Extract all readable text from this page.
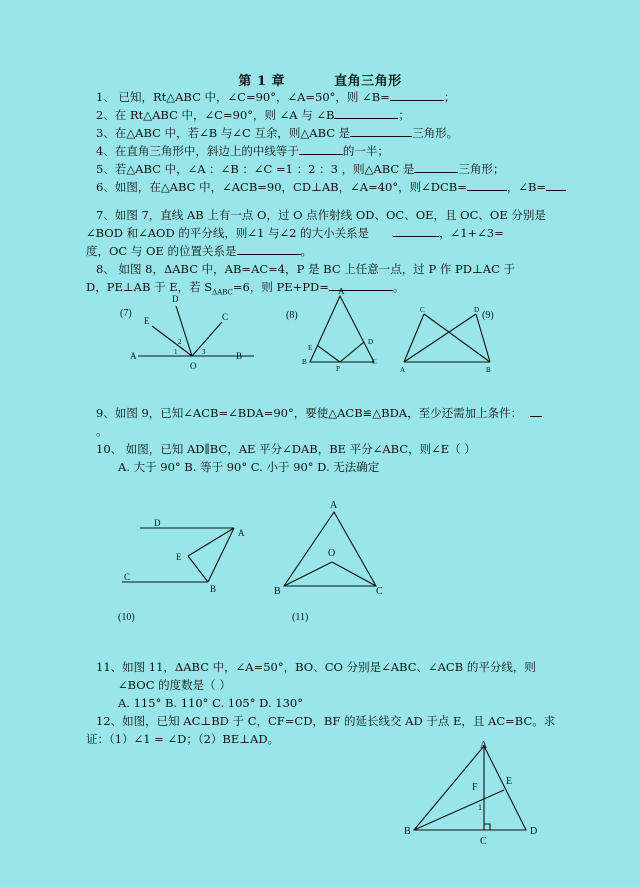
第 1 章	直角三角形
1、 已知，Rt△ABC 中，∠C=90°，∠A=50°，则 ∠B=	；
2、在 Rt△ABC 中，∠C=90°，则 ∠A 与 ∠B	；
3、在△ABC 中，若∠B 与∠C 互余，则△ABC 是	三角形。
4、在直角三角形中，斜边上的中线等于	的一半；
5、若△ABC 中，∠A ：∠B ：∠C =1 ：2 ：3 ，则△ABC 是	三角形；
6、如图，在△ABC 中，∠ACB=90，CD⊥AB，∠A=40°，则∠DCB=	，∠B=
7、如图 7，直线 AB 上有一点 O，过 O 点作射线 OD、OC、OE，且 OC、OE 分别是
∠BOD 和∠AOD 的平分线，则∠1 与∠2 的大小关系是	，∠1+∠3=
度，OC 与 OE 的位置关系是	。
8、 如图 8，ΔABC 中，AB=AC=4，P 是 BC 上任意一点，过 P 作 PD⊥AC 于
D，PE⊥AB 于 E，若 $S_{\Delta ABC}=6$，则 PE+PD=	。
(7)
D
E	C
A	B
O
1
2
3
(8)
A
E
D
B
P
C
(9)
C	D
A	B
9、如图 9，已知∠ACB=∠BDA=90°，要使△ACB≌△BDA，至少还需加上条件：
。
10、 如图，已知 AD∥BC，AE 平分∠DAB，BE 平分∠ABC，则∠E（ ）
A. 大于 90° B. 等于 90° C. 小于 90° D. 无法确定
D
A
E
C
B
(10)
A
O
B	C
(11)
11、如图 11，ΔABC 中，∠A=50°，BO、CO 分别是∠ABC、∠ACB 的平分线，则
∠BOC 的度数是（ ）
A. 115° B. 110° C. 105° D. 130°
12、如图，已知 AC⊥BD 于 C，CF=CD，BF 的延长线交 AD 于点 E，且 AC=BC。求
证：（1）∠1 = ∠D；（2）BE⊥AD。	A
E
F
1
B
C
D
